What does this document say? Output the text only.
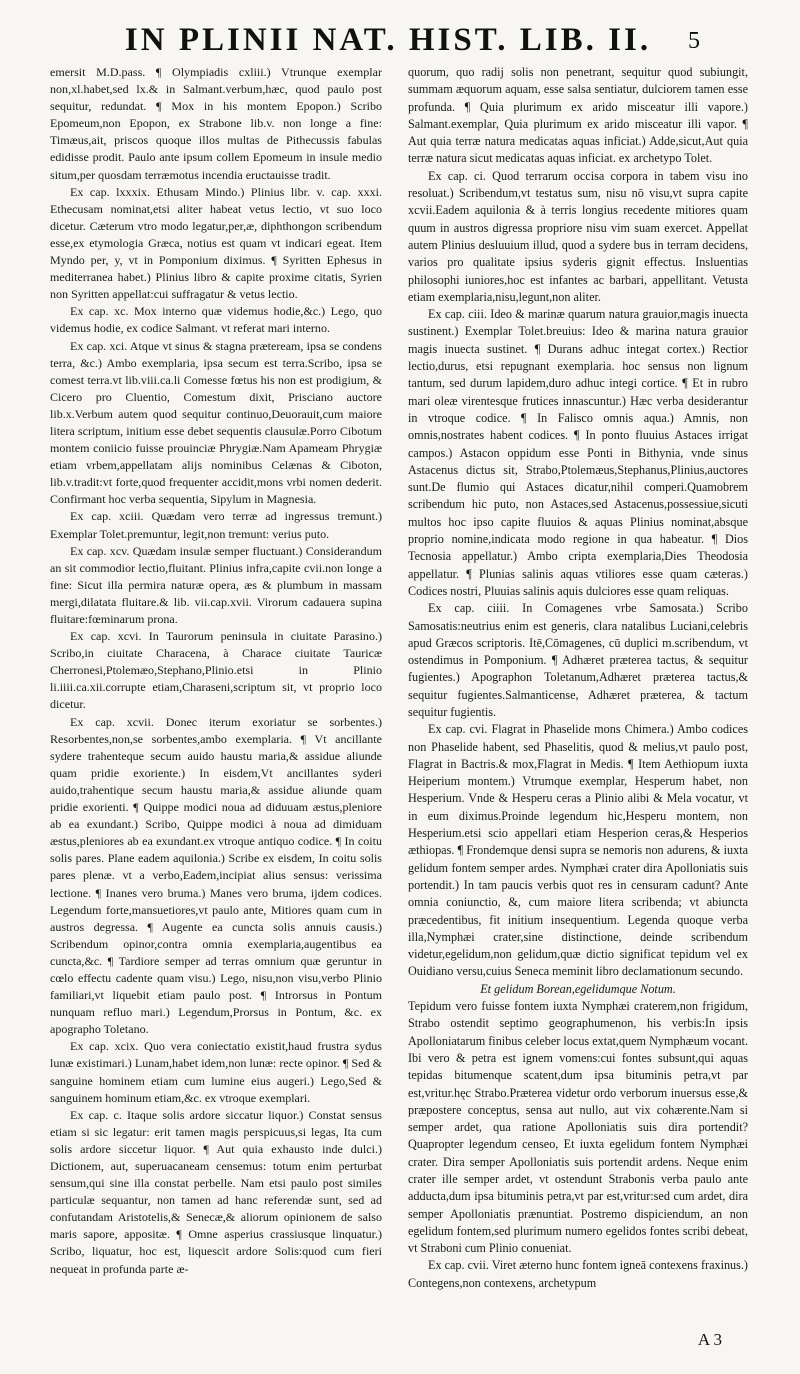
IN PLINII NAT. HIST. LIB. II. 5

emersit M.D.pass. ¶ Olympiadis cxliii.) Vtrunque exemplar non,xl.habet,sed lx.& in Salmant.verbum,hæc, quod paulo post sequitur, redundat. ¶ Mox in his montem Epopon.) Scribo Epomeum,non Epopon, ex Strabone lib.v. non longe a fine: Timæus,ait, priscos quoque illos multas de Pithecussis fabulas edidisse prodit. Paulo ante ipsum collem Epomeum in insule medio situm,per quosdam terræmotus incendia eructauisse tradit.

Ex cap. lxxxix. Ethusam Mindo.) Plinius libr. v. cap. xxxi. Ethecusam nominat,etsi aliter habeat vetus lectio, vt suo loco dicetur. Cæterum vtro modo legatur,per,æ, diphthongon scribendum esse,ex etymologia Græca, notius est quam vt indicari egeat. Item Myndo per, y, vt in Pomponium diximus. ¶ Syritten Ephesus in mediterranea habet.) Plinius libro & capite proxime citatis, Syrien non Syritten appellat:cui suffragatur & vetus lectio.

Ex cap. xc. Mox interno quæ videmus hodie,&c.) Lego, quo videmus hodie, ex codice Salmant. vt referat mari interno.

Ex cap. xci. Atque vt sinus & stagna præteream, ipsa se condens terra, &c.) Ambo exemplaria, ipsa secum est terra.Scribo, ipsa se comest terra.vt lib.viii.ca.li Comesse fœtus his non est prodigium, & Cicero pro Cluentio, Comestum dixit, Prisciano auctore lib.x.Verbum autem quod sequitur continuo,Deuorauit,cum maiore litera scriptum, initium esse debet sequentis clausulæ.Porro Cibotum montem coniicio fuisse prouinciæ Phrygiæ.Nam Apameam Phrygiæ etiam vrbem,appellatam alijs nominibus Celænas & Ciboton, lib.v.tradit:vt forte,quod frequenter accidit,mons vrbi nomen dederit. Confirmant hoc verba sequentia, Sipylum in Magnesia.

Ex cap. xciii. Quædam vero terræ ad ingressus tremunt.) Exemplar Tolet.premuntur, legit,non tremunt: verius puto.

Ex cap. xcv. Quædam insulæ semper fluctuant.) Considerandum an sit commodior lectio,fluitant. Plinius infra,capite cvii.non longe a fine: Sicut illa permira naturæ opera, æs & plumbum in massam mergi,dilatata fluitare.& lib. vii.cap.xvii. Virorum cadauera supina fluitare:fœminarum prona.

Ex cap. xcvi. In Taurorum peninsula in ciuitate Parasino.) Scribo,in ciuitate Characena, à Charace ciuitate Tauricæ Cherronesi,Ptolemæo,Stephano,Plinio.etsi in Plinio li.iiii.ca.xii.corrupte etiam,Charaseni,scriptum sit, vt proprio loco dicetur.

Ex cap. xcvii. Donec iterum exoriatur se sorbentes.) Resorbentes,non,se sorbentes,ambo exemplaria. ¶ Vt ancillante sydere trahenteque secum auido haustu maria,& assidue aliunde quam pridie exoriente.) In eisdem,Vt ancillantes syderi auido,trahentique secum haustu maria,& assidue aliunde quam pridie exorienti. ¶ Quippe modici noua ad diduuam æstus,pleniore ab ea exundant.) Scribo, Quippe modici à noua ad dimiduam æstus,pleniores ab ea exundant.ex vtroque antiquo codice. ¶ In coitu solis pares. Plane eadem aquilonia.) Scribe ex eisdem, In coitu solis pares plenæ. vt a verbo,Eadem,incipiat alius sensus: verissima lectione. ¶ Inanes vero bruma.) Manes vero bruma, ijdem codices. Legendum forte,mansuetiores,vt paulo ante, Mitiores quam cum in austros degressa. ¶ Augente ea cuncta solis annuis causis.) Scribendum opinor,contra omnia exemplaria,augentibus ea cuncta,&c. ¶ Tardiore semper ad terras omnium quæ geruntur in cœlo effectu cadente quam visu.) Lego, nisu,non visu,verbo Plinio familiari,vt liquebit etiam paulo post. ¶ Introrsus in Pontum nunquam refluo mari.) Legendum,Prorsus in Pontum, &c. ex apographo Toletano.

Ex cap. xcix. Quo vera coniectatio existit,haud frustra sydus lunæ existimari.) Lunam,habet idem,non lunæ: recte opinor. ¶ Sed & sanguine hominem etiam cum lumine eius augeri.) Lego,Sed & sanguinem hominum etiam,&c. ex vtroque exemplari.

Ex cap. c. Itaque solis ardore siccatur liquor.) Constat sensus etiam si sic legatur: erit tamen magis perspicuus,si legas, Ita cum solis ardore siccetur liquor. ¶ Aut quia exhausto inde dulci.) Dictionem, aut, superuacaneam censemus: totum enim perturbat sensum,qui sine illa constat perbelle. Nam etsi paulo post similes particulæ sequantur, non tamen ad hanc referendæ sunt, sed ad confutandam Aristotelis,& Senecæ,& aliorum opinionem de salso maris sapore, appositæ. ¶ Omne asperius crassiusque linquatur.) Scribo, liquatur, hoc est, liquescit ardore Solis:quod cum fieri nequeat in profunda parte æ-

quorum, quo radij solis non penetrant, sequitur quod subiungit, summam æquorum aquam, esse salsa sentiatur, dulciorem tamen esse profunda. ¶ Quia plurimum ex arido misceatur illi vapore.) Salmant.exemplar, Quia plurimum ex arido misceatur illi vapor. ¶ Aut quia terræ natura medicatas aquas inficiat.) Adde,sicut,Aut quia terræ natura sicut medicatas aquas inficiat. ex archetypo Tolet.

Ex cap. ci. Quod terrarum occisa corpora in tabem visu ino resoluat.) Scribendum,vt testatus sum, nisu nō visu,vt supra capite xcvii.Eadem aquilonia & à terris longius recedente mitiores quam quum in austros digressa propriore nisu vim suam exercet. Appellat autem Plinius desluuium illud, quod a sydere bus in terram decidens, varios pro qualitate ipsius syderis gignit effectus. Insluentias philosophi iuniores,hoc est infantes ac barbari, appellitant. Vetusta etiam exemplaria,nisu,legunt,non aliter.

Ex cap. ciii. Ideo & marinæ quarum natura grauior,magis inuecta sustinent.) Exemplar Tolet.breuius: Ideo & marina natura grauior magis inuecta sustinet. ¶ Durans adhuc integat cortex.) Rectior lectio,durus, etsi repugnant exemplaria. hoc sensus non lignum tantum, sed durum lapidem,duro adhuc integi cortice. ¶ Et in rubro mari oleæ virentesque frutices innascuntur.) Hæc verba desiderantur in vtroque codice. ¶ In Falisco omnis aqua.) Amnis, non omnis,nostrates habent codices. ¶ In ponto fluuius Astaces irrigat campos.) Astacon oppidum esse Ponti in Bithynia, vnde sinus Astacenus dictus sit, Strabo,Ptolemæus,Stephanus,Plinius,auctores sunt.De flumio qui Astaces dicatur,nihil comperi.Quamobrem scribendum hic puto, non Astaces,sed Astacenus,possessiue,sicuti multos hoc ipso capite fluuios & aquas Plinius nominat,absque proprio nomine,indicata modo regione in qua habeatur. ¶ Dios Tecnosia appellatur.) Ambo cripta exemplaria,Dies Theodosia appellatur. ¶ Plunias salinis aquas vtiliores esse quam cæteras.) Codices nostri, Pluuias salinis aquis dulciores esse quam reliquas.

Ex cap. ciiii. In Comagenes vrbe Samosata.) Scribo Samosatis:neutrius enim est generis, clara natalibus Luciani,celebris apud Græcos scriptoris. Itē,Cōmagenes, cū duplici m.scribendum, vt ostendimus in Pomponium. ¶ Adhæret præterea tactus, & sequitur fugientes.) Apographon Toletanum,Adhæret præterea tactus,& sequitur fugientes.Salmanticense, Adhæret præterea, & tactum sequitur fugientis.

Ex cap. cvi. Flagrat in Phaselide mons Chimera.) Ambo codices non Phaselide habent, sed Phaselitis, quod & melius,vt paulo post, Flagrat in Bactris.& mox,Flagrat in Medis. ¶ Item Aethiopum iuxta Heiperium montem.) Vtrumque exemplar, Hesperum habet, non Hesperium. Vnde & Hesperu ceras a Plinio alibi & Mela vocatur, vt in eum diximus.Proinde legendum hic,Hesperu montem, non Hesperium.etsi scio appellari etiam Hesperion ceras,& Hesperios æthiopas. ¶ Frondemque densi supra se nemoris non adurens, & iuxta gelidum fontem semper ardes. Nymphæi crater dira Apolloniatis suis portendit.) In tam paucis verbis quot res in censuram cadunt? Ante omnia coniunctio, &, cum maiore litera scribenda; vt abiuncta præcedentibus, fit initium insequentium. Legenda quoque verba illa,Nymphæi crater,sine distinctione, deinde scribendum videtur,egelidum,non gelidum,quæ dictio significat tepidum vel ex Ouidiano versu,cuius Seneca meminit libro declamationum secundo.

Et gelidum Borean,egelidumque Notum.

Tepidum vero fuisse fontem iuxta Nymphæi craterem,non frigidum, Strabo ostendit septimo geographumenon, his verbis:In ipsis Apolloniatarum finibus celeber locus extat,quem Nymphæum vocant. Ibi vero & petra est ignem vomens:cui fontes subsunt,qui aquas tepidas bitumenque scatent,dum ipsa bituminis petra,vt par est,vritur.hęc Strabo.Præterea videtur ordo verborum inuersus esse,& præpostere conceptus, sensa aut nullo, aut vix cohærente.Nam si semper ardet, qua ratione Apolloniatis suis dira portendit? Quapropter legendum censeo, Et iuxta egelidum fontem Nymphæi crater. Dira semper Apolloniatis suis portendit ardens. Neque enim crater ille semper ardet, vt ostendunt Strabonis verba paulo ante adducta,dum ipsa bituminis petra,vt par est,vritur:sed cum ardet, dira semper Apolloniatis prænuntiat. Postremo dispiciendum, an non egelidum fontem,sed plurimum numero egelidos fontes scribi debeat, vt Straboni cum Plinio conueniat.

Ex cap. cvii. Viret æterno hunc fontem igneā contexens fraxinus.) Contegens,non contexens, archetypum

A 3
